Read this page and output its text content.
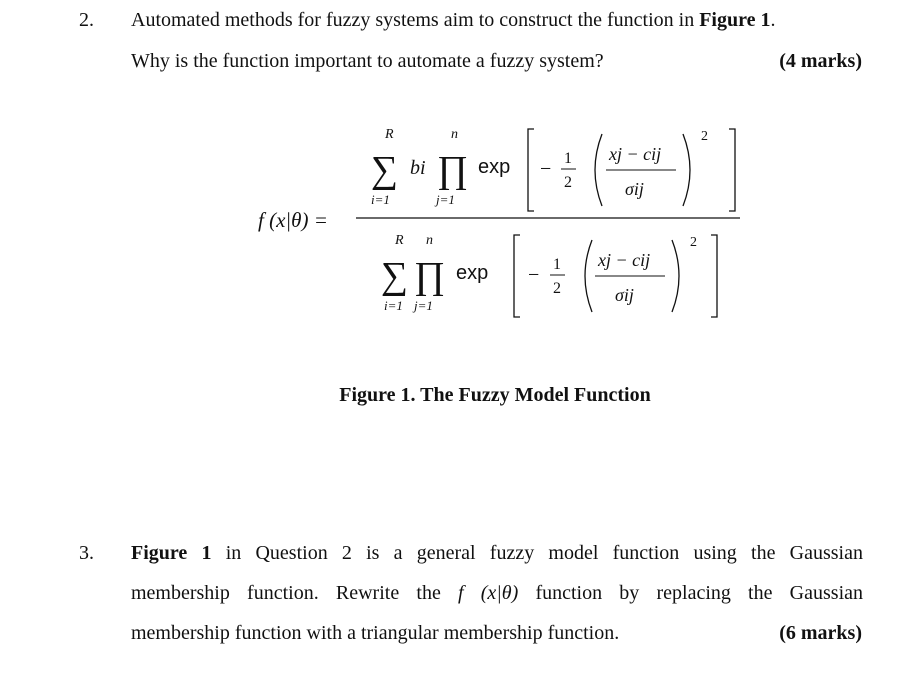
2. Automated methods for fuzzy systems aim to construct the function in Figure 1.
Why is the function important to automate a fuzzy system?	(4 marks)
f (x|θ) =
R
∑
i=1
bi
n
∏
j=1
exp − 1
2
xj − cij
σij
2
R
∑
i=1
n
∏
j=1
exp − 1
2
xj − cij
σij
2
Figure 1. The Fuzzy Model Function
3. Figure 1 in Question 2 is a general fuzzy model function using the Gaussian
membership function. Rewrite the f (x|θ) function by replacing the Gaussian
membership function with a triangular membership function.	(6 marks)
